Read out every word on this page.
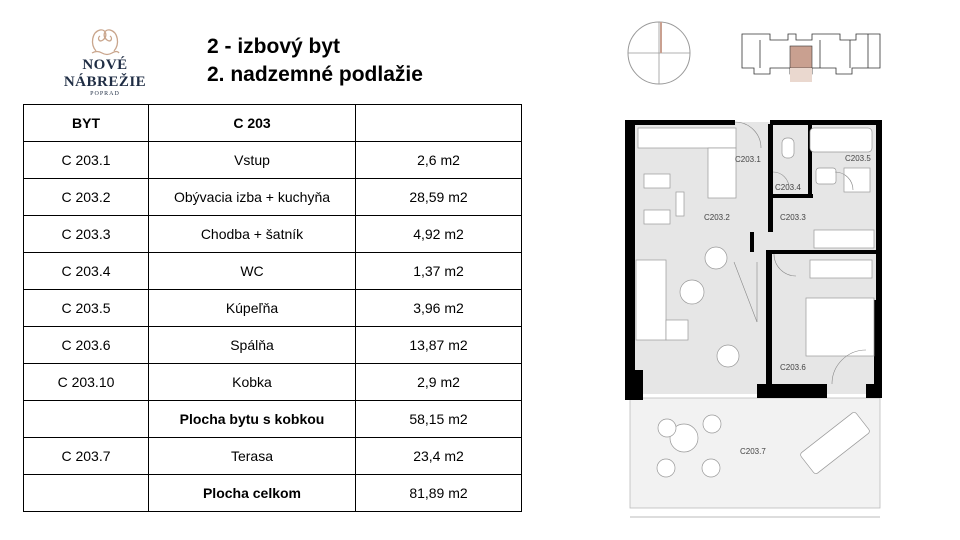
NOVÉ NÁBREŽIE
POPRAD
2 - izbový byt
2. nadzemné podlažie
BYT	C 203	
C 203.1	Vstup	2,6 m2
C 203.2	Obývacia izba + kuchyňa	28,59 m2
C 203.3	Chodba + šatník	4,92 m2
C 203.4	WC	1,37 m2
C 203.5	Kúpeľňa	3,96 m2
C 203.6	Spálňa	13,87 m2
C 203.10	Kobka	2,9 m2
	Plocha bytu s kobkou	58,15 m2
C 203.7	Terasa	23,4 m2
	Plocha celkom	81,89 m2
C203.1
C203.2	C203.3
C203.4
C203.5
C203.6
C203.7
